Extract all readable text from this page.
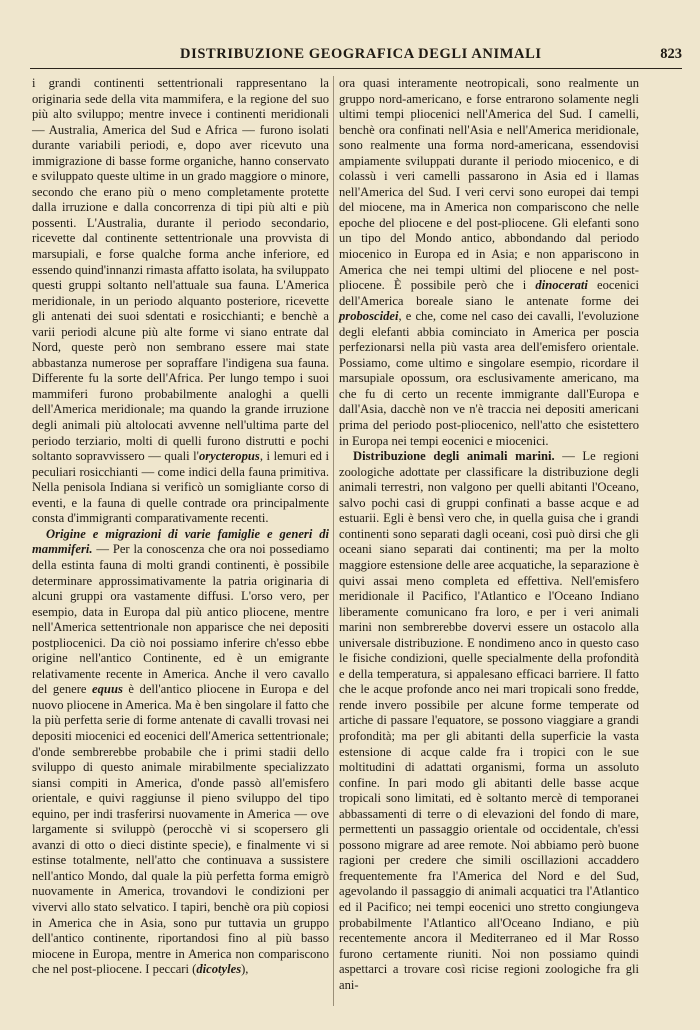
DISTRIBUZIONE GEOGRAFICA DEGLI ANIMALI	823

i grandi continenti settentrionali rappresentano la originaria sede della vita mammifera, e la regione del suo più alto sviluppo; mentre invece i continenti meridionali — Australia, America del Sud e Africa — furono isolati durante variabili periodi, e, dopo aver ricevuto una immigrazione di basse forme organiche, hanno conservato e sviluppato queste ultime in un grado maggiore o minore, secondo che erano più o meno completamente protette dalla irruzione e dalla concorrenza di tipi più alti e più possenti. L'Australia, durante il periodo secondario, ricevette dal continente settentrionale una provvista di marsupiali, e forse qualche forma anche inferiore, ed essendo quind'innanzi rimasta affatto isolata, ha sviluppato questi gruppi soltanto nell'attuale sua fauna. L'America meridionale, in un periodo alquanto posteriore, ricevette gli antenati dei suoi sdentati e rosicchianti; e benchè a varii periodi alcune più alte forme vi siano entrate dal Nord, queste però non sembrano essere mai state abbastanza numerose per sopraffare l'indigena sua fauna. Differente fu la sorte dell'Africa. Per lungo tempo i suoi mammiferi furono probabilmente analoghi a quelli dell'America meridionale; ma quando la grande irruzione degli animali più altolocati avvenne nell'ultima parte del periodo terziario, molti di quelli furono distrutti e pochi soltanto sopravvissero — quali l'orycteropus, i lemuri ed i peculiari rosicchianti — come indici della fauna primitiva. Nella penisola Indiana si verificò un somigliante corso di eventi, e la fauna di quelle contrade ora principalmente consta d'immigranti comparativamente recenti.

Origine e migrazioni di varie famiglie e generi di mammiferi. — Per la conoscenza che ora noi possediamo della estinta fauna di molti grandi continenti, è possibile determinare approssimativamente la patria originaria di alcuni gruppi ora vastamente diffusi. L'orso vero, per esempio, data in Europa dal più antico pliocene, mentre nell'America settentrionale non apparisce che nei depositi postpliocenici. Da ciò noi possiamo inferire ch'esso ebbe origine nell'antico Continente, ed è un emigrante relativamente recente in America. Anche il vero cavallo del genere equus è dell'antico pliocene in Europa e del nuovo pliocene in America. Ma è ben singolare il fatto che la più perfetta serie di forme antenate di cavalli trovasi nei depositi miocenici ed eocenici dell'America settentrionale; d'onde sembrerebbe probabile che i primi stadii dello sviluppo di questo animale mirabilmente specializzato siansi compiti in America, d'onde passò all'emisfero orientale, e quivi raggiunse il pieno sviluppo del tipo equino, per indi trasferirsi nuovamente in America — ove largamente si sviluppò (perocchè vi si scopersero gli avanzi di otto o dieci distinte specie), e finalmente vi si estinse totalmente, nell'atto che continuava a sussistere nell'antico Mondo, dal quale la più perfetta forma emigrò nuovamente in America, trovandovi le condizioni per vivervi allo stato selvatico. I tapiri, benchè ora più copiosi in America che in Asia, sono pur tuttavia un gruppo dell'antico continente, riportandosi fino al più basso miocene in Europa, mentre in America non compariscono che nel post-pliocene. I peccari (dicotyles),

ora quasi interamente neotropicali, sono realmente un gruppo nord-americano, e forse entrarono solamente negli ultimi tempi pliocenici nell'America del Sud. I camelli, benchè ora confinati nell'Asia e nell'America meridionale, sono realmente una forma nord-americana, essendovisi ampiamente sviluppati durante il periodo miocenico, e di colassù i veri camelli passarono in Asia ed i llamas nell'America del Sud. I veri cervi sono europei dai tempi del miocene, ma in America non compariscono che nelle epoche del pliocene e del post-pliocene. Gli elefanti sono un tipo del Mondo antico, abbondando dal periodo miocenico in Europa ed in Asia; e non appariscono in America che nei tempi ultimi del pliocene e nel post-pliocene. È possibile però che i dinocerati eocenici dell'America boreale siano le antenate forme dei proboscidei, e che, come nel caso dei cavalli, l'evoluzione degli elefanti abbia cominciato in America per poscia perfezionarsi nella più vasta area dell'emisfero orientale. Possiamo, come ultimo e singolare esempio, ricordare il marsupiale opossum, ora esclusivamente americano, ma che fu di certo un recente immigrante dall'Europa e dall'Asia, dacchè non ve n'è traccia nei depositi americani prima del periodo post-pliocenico, nell'atto che esistettero in Europa nei tempi eocenici e miocenici.

Distribuzione degli animali marini. — Le regioni zoologiche adottate per classificare la distribuzione degli animali terrestri, non valgono per quelli abitanti l'Oceano, salvo pochi casi di gruppi confinati a basse acque e ad estuarii. Egli è bensì vero che, in quella guisa che i grandi continenti sono separati dagli oceani, così può dirsi che gli oceani siano separati dai continenti; ma per la molto maggiore estensione delle aree acquatiche, la separazione è quivi assai meno completa ed effettiva. Nell'emisfero meridionale il Pacifico, l'Atlantico e l'Oceano Indiano liberamente comunicano fra loro, e per i veri animali marini non sembrerebbe dovervi essere un ostacolo alla universale distribuzione. E nondimeno anco in questo caso le fisiche condizioni, quelle specialmente della profondità e della temperatura, si appalesano efficaci barriere. Il fatto che le acque profonde anco nei mari tropicali sono fredde, rende invero possibile per alcune forme temperate od artiche di passare l'equatore, se possono viaggiare a grandi profondità; ma per gli abitanti della superficie la vasta estensione di acque calde fra i tropici con le sue moltitudini di adattati organismi, forma un assoluto confine. In pari modo gli abitanti delle basse acque tropicali sono limitati, ed è soltanto mercè di temporanei abbassamenti di terre o di elevazioni del fondo di mare, permettenti un passaggio orientale od occidentale, ch'essi possono migrare ad aree remote. Noi abbiamo però buone ragioni per credere che simili oscillazioni accaddero frequentemente fra l'America del Nord e del Sud, agevolando il passaggio di animali acquatici tra l'Atlantico ed il Pacifico; nei tempi eocenici uno stretto congiungeva probabilmente l'Atlantico all'Oceano Indiano, e più recentemente ancora il Mediterraneo ed il Mar Rosso furono certamente riuniti. Noi non possiamo quindi aspettarci a trovare così ricise regioni zoologiche fra gli ani-
